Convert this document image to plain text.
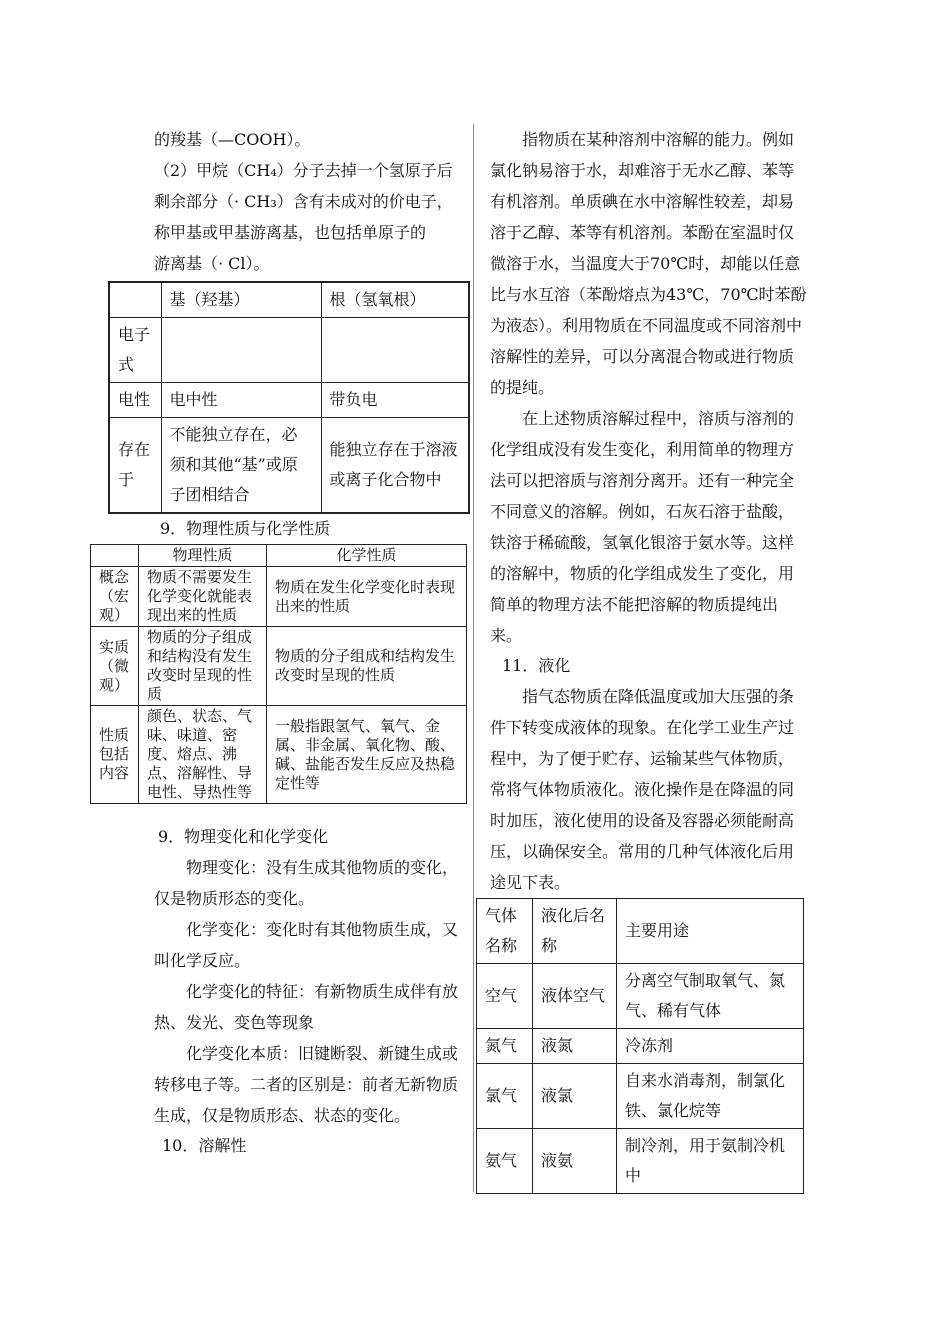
的羧基（—COOH）。

（2）甲烷（CH₄）分子去掉一个氢原子后

剩余部分（· CH₃）含有未成对的价电子，

称甲基或甲基游离基，也包括单原子的

游离基（· Cl）。

	基（羟基）	根（氢氧根）
电子式		
电性	电中性	带负电
存在于	不能独立存在，必须和其他“基”或原子团相结合	能独立存在于溶液或离子化合物中

9．物理性质与化学性质

	物理性质	化学性质
概念（宏观）	物质不需要发生化学变化就能表现出来的性质	物质在发生化学变化时表现出来的性质
实质（微观）	物质的分子组成和结构没有发生改变时呈现的性质	物质的分子组成和结构发生改变时呈现的性质
性质包括内容	颜色、状态、气味、味道、密度、熔点、沸点、溶解性、导电性、导热性等	一般指跟氢气、氧气、金属、非金属、氧化物、酸、碱、盐能否发生反应及热稳定性等

9．物理变化和化学变化

物理变化：没有生成其他物质的变化，仅是物质形态的变化。

化学变化：变化时有其他物质生成，又叫化学反应。

化学变化的特征：有新物质生成伴有放热、发光、变色等现象

化学变化本质：旧键断裂、新键生成或转移电子等。二者的区别是：前者无新物质生成，仅是物质形态、状态的变化。

10．溶解性

指物质在某种溶剂中溶解的能力。例如氯化钠易溶于水，却难溶于无水乙醇、苯等有机溶剂。单质碘在水中溶解性较差，却易溶于乙醇、苯等有机溶剂。苯酚在室温时仅微溶于水，当温度大于70℃时，却能以任意比与水互溶（苯酚熔点为43℃，70℃时苯酚为液态）。利用物质在不同温度或不同溶剂中溶解性的差异，可以分离混合物或进行物质的提纯。

在上述物质溶解过程中，溶质与溶剂的化学组成没有发生变化，利用简单的物理方法可以把溶质与溶剂分离开。还有一种完全不同意义的溶解。例如，石灰石溶于盐酸，铁溶于稀硫酸，氢氧化银溶于氨水等。这样的溶解中，物质的化学组成发生了变化，用简单的物理方法不能把溶解的物质提纯出来。

11．液化

指气态物质在降低温度或加大压强的条件下转变成液体的现象。在化学工业生产过程中，为了便于贮存、运输某些气体物质，常将气体物质液化。液化操作是在降温的同时加压，液化使用的设备及容器必须能耐高压，以确保安全。常用的几种气体液化后用途见下表。

气体名称	液化后名称	主要用途
空气	液体空气	分离空气制取氧气、氮气、稀有气体
氮气	液氮	冷冻剂
氯气	液氯	自来水消毒剂，制氯化铁、氯化烷等
氨气	液氨	制冷剂，用于氨制冷机中
